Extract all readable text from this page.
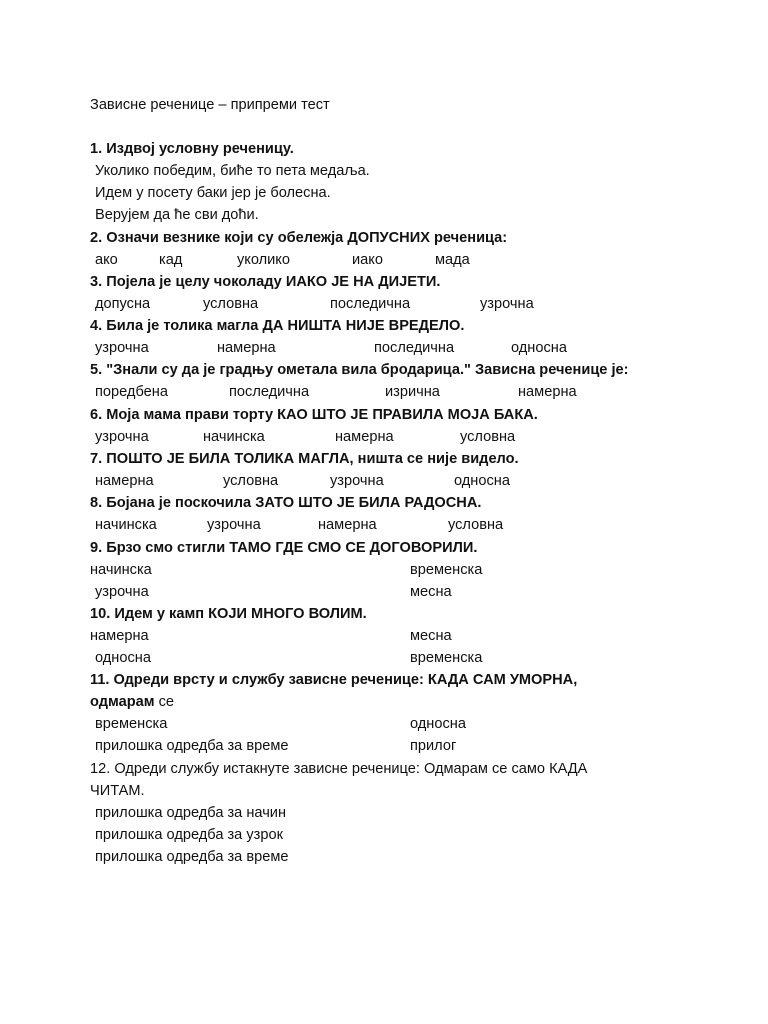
Зависне реченице – припреми тест
1. Издвој условну реченицу.
Уколико победим, биће то пета медаља.
Идем у посету баки јер је болесна.
Верујем да ће сви доћи.
2. Означи везнике који су обележја ДОПУСНИХ реченица:
ако	кад	уколико	иако	мада
3. Појела је целу чоколаду ИАКО ЈЕ НА ДИЈЕТИ.
допусна	условна	последична	узрочна
4. Била је толика магла ДА НИШТА НИЈЕ ВРЕДЕЛО.
узрочна	намерна	последична	односна
5. "Знали су да је градњу ометала вила бродарица." Зависна реченице је:
поредбена	последична	изрична	намерна
6. Моја мама прави торту КАО ШТО ЈЕ ПРАВИЛА МОЈА БАКА.
узрочна	начинска	намерна	условна
7. ПОШТО ЈЕ БИЛА ТОЛИКА МАГЛА, ништа се није видело.
намерна	условна	узрочна	односна
8. Бојана је поскочила ЗАТО ШТО ЈЕ БИЛА РАДОСНА.
начинска	узрочна	намерна	условна
9. Брзо смо стигли ТАМО ГДЕ СМО СЕ ДОГОВОРИЛИ.
начинска	временска
узрочна	месна
10. Идем у камп КОЈИ МНОГО ВОЛИМ.
намерна	месна
односна	временска
11. Одреди врсту и службу зависне реченице: КАДА САМ УМОРНА,
одмарам се
временска	односна
прилошка одредба за време	прилог
12. Одреди службу истакнуте зависне реченице: Одмарам се само КАДА
ЧИТАМ.
прилошка одредба за начин
прилошка одредба за узрок
прилошка одредба за време
